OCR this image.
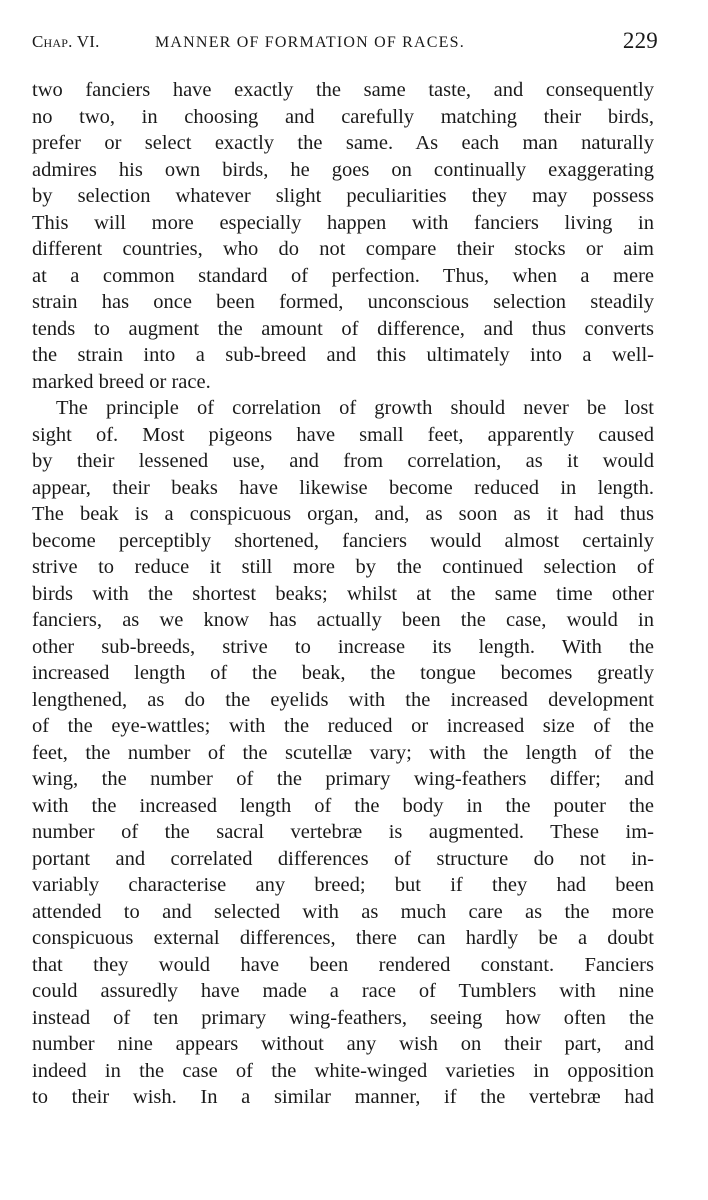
Chap. VI.	MANNER OF FORMATION OF RACES.	229
two fanciers have exactly the same taste, and consequently
no two, in choosing and carefully matching their birds,
prefer or select exactly the same. As each man naturally
admires his own birds, he goes on continually exaggerating
by selection whatever slight peculiarities they may possess
This will more especially happen with fanciers living in
different countries, who do not compare their stocks or aim
at a common standard of perfection. Thus, when a mere
strain has once been formed, unconscious selection steadily
tends to augment the amount of difference, and thus converts
the strain into a sub-breed and this ultimately into a well-
marked breed or race.
The principle of correlation of growth should never be lost
sight of. Most pigeons have small feet, apparently caused
by their lessened use, and from correlation, as it would
appear, their beaks have likewise become reduced in length.
The beak is a conspicuous organ, and, as soon as it had thus
become perceptibly shortened, fanciers would almost certainly
strive to reduce it still more by the continued selection of
birds with the shortest beaks; whilst at the same time other
fanciers, as we know has actually been the case, would in
other sub-breeds, strive to increase its length. With the
increased length of the beak, the tongue becomes greatly
lengthened, as do the eyelids with the increased development
of the eye-wattles; with the reduced or increased size of the
feet, the number of the scutellæ vary; with the length of the
wing, the number of the primary wing-feathers differ; and
with the increased length of the body in the pouter the
number of the sacral vertebræ is augmented. These im-
portant and correlated differences of structure do not in-
variably characterise any breed; but if they had been
attended to and selected with as much care as the more
conspicuous external differences, there can hardly be a doubt
that they would have been rendered constant. Fanciers
could assuredly have made a race of Tumblers with nine
instead of ten primary wing-feathers, seeing how often the
number nine appears without any wish on their part, and
indeed in the case of the white-winged varieties in opposition
to their wish. In a similar manner, if the vertebræ had
